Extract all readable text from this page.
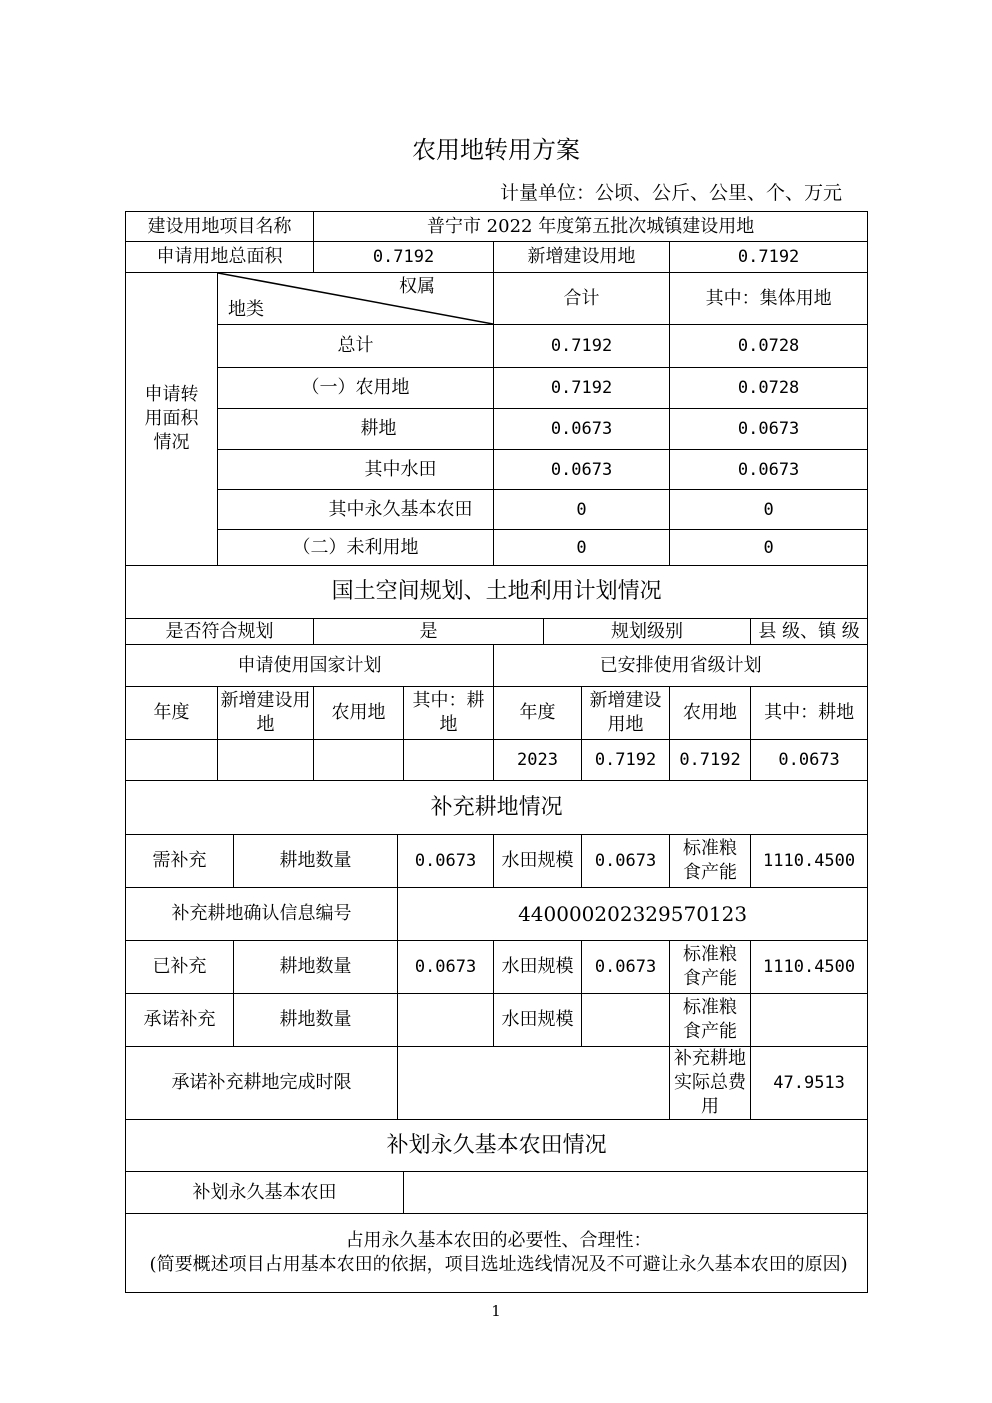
农用地转用方案
计量单位：公顷、公斤、公里、个、万元
建设用地项目名称			普宁市 2022 年度第五批次城镇建设用地							
申请用地总面积			0.7192			新增建设用地			0.7192	
申请转用面积情况	权属
地类					合计			其中：集体用地	
	总计					0.7192			0.0728	
	（一）农用地					0.7192			0.0728	
	耕地					0.0673			0.0673	
	其中水田					0.0673			0.0673	
	其中永久基本农田					0			0	
	（二）未利用地					0			0	
国土空间规划、土地利用计划情况										
是否符合规划			是				规划级别			县 级、镇 级
申请使用国家计划						已安排使用省级计划				
年度	新增建设用地		农用地		其中：耕地	年度		新增建设用地	农用地	其中：耕地
						2023		0.7192	0.7192	0.0673
补充耕地情况										
需补充		耕地数量		0.0673		水田规模		0.0673	标准粮食产能	1110.4500
补充耕地确认信息编号				440000202329570123						
已补充		耕地数量		0.0673		水田规模		0.0673	标准粮食产能	1110.4500
承诺补充		耕地数量				水田规模			标准粮食产能	
承诺补充耕地完成时限									补充耕地实际总费用	47.9513
补划永久基本农田情况										
补划永久基本农田										

占用永久基本农田的必要性、合理性：
(简要概述项目占用基本农田的依据，项目选址选线情况及不可避让永久基本农田的原因)										
1
